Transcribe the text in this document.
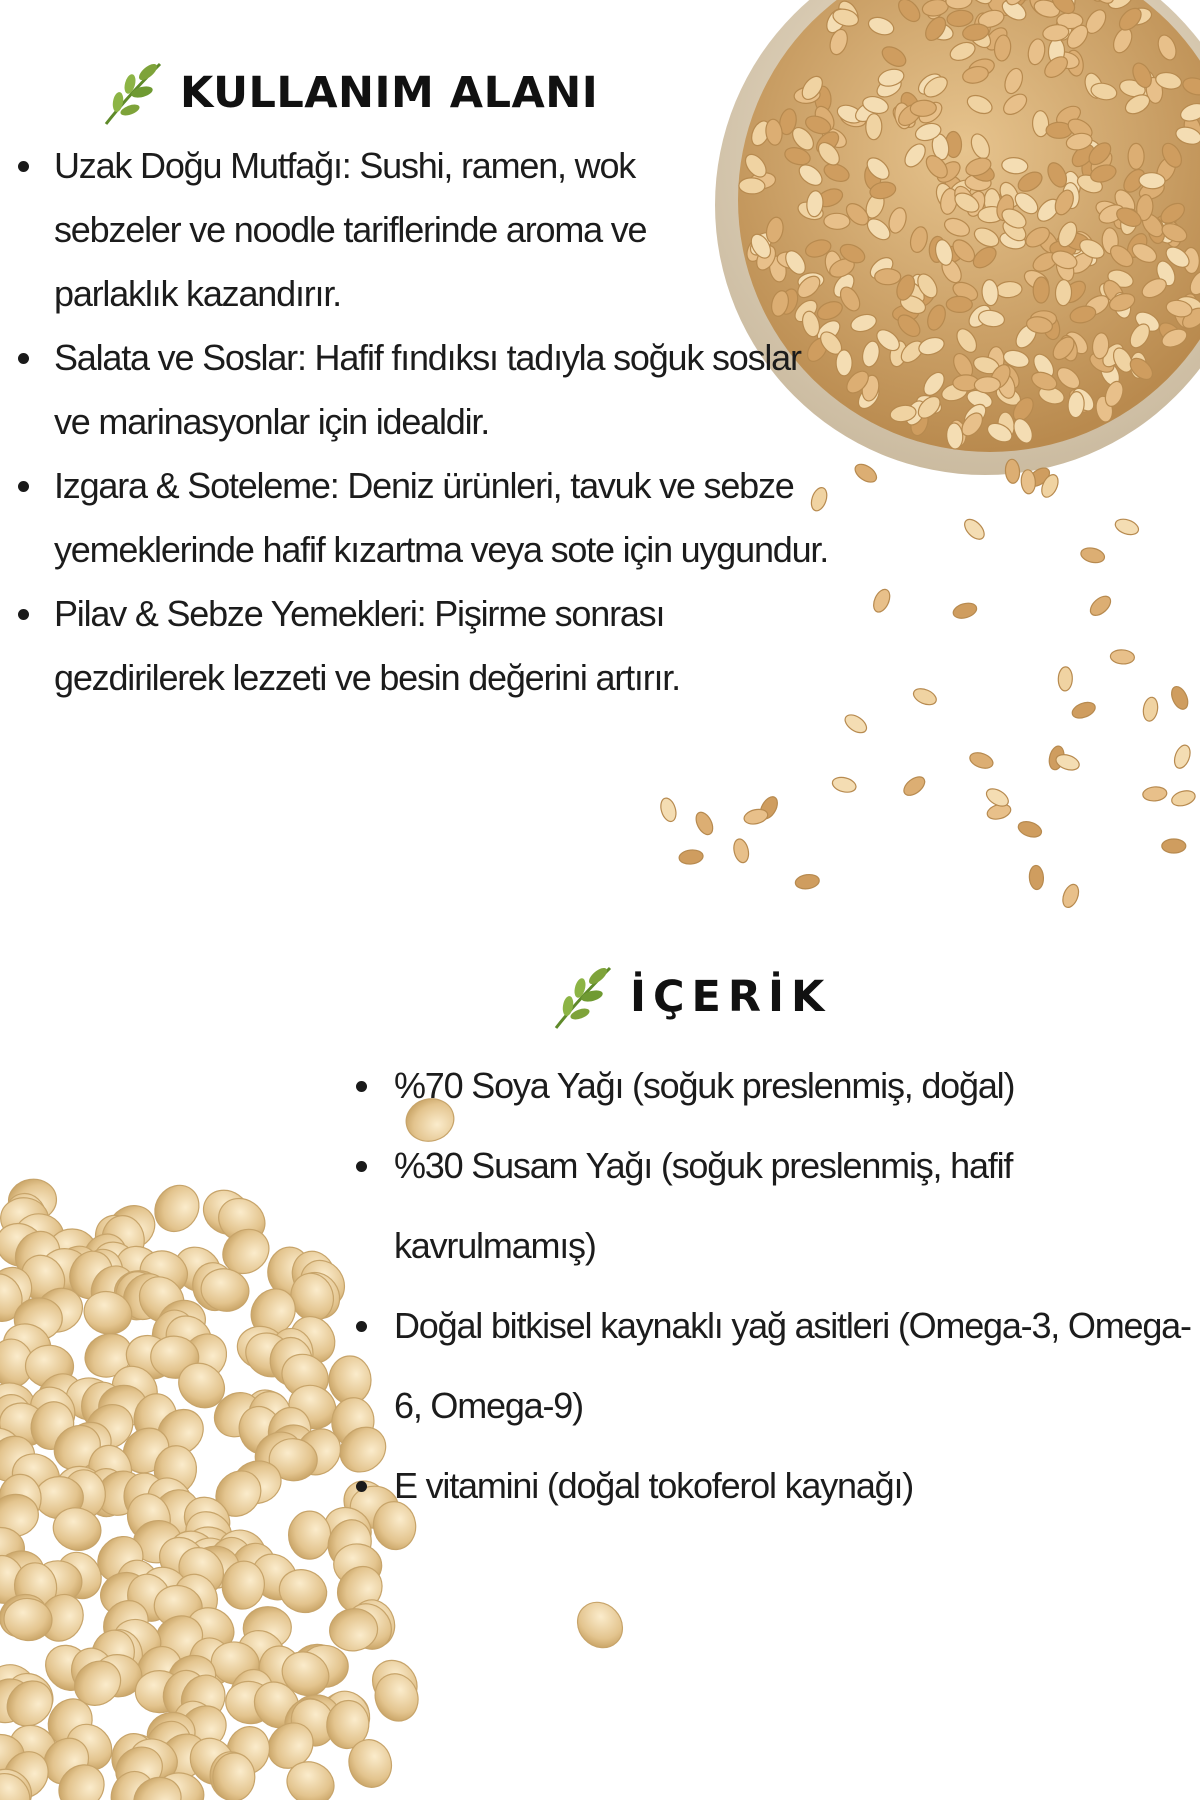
KULLANIM ALANI
Uzak Doğu Mutfağı: Sushi, ramen, wok sebzeler ve noodle tariflerinde aroma ve parlaklık kazandırır.
Salata ve Soslar: Hafif fındıksı tadıyla soğuk soslar ve marinasyonlar için idealdir.
Izgara & Soteleme: Deniz ürünleri, tavuk ve sebze yemeklerinde hafif kızartma veya sote için uygundur.
Pilav & Sebze Yemekleri: Pişirme sonrası gezdirilerek lezzeti ve besin değerini artırır.
İÇERİK
%70 Soya Yağı (soğuk preslenmiş, doğal)
%30 Susam Yağı (soğuk preslenmiş, hafif kavrulmamış)
Doğal bitkisel kaynaklı yağ asitleri (Omega-3, Omega-6, Omega-9)
E vitamini (doğal tokoferol kaynağı)
